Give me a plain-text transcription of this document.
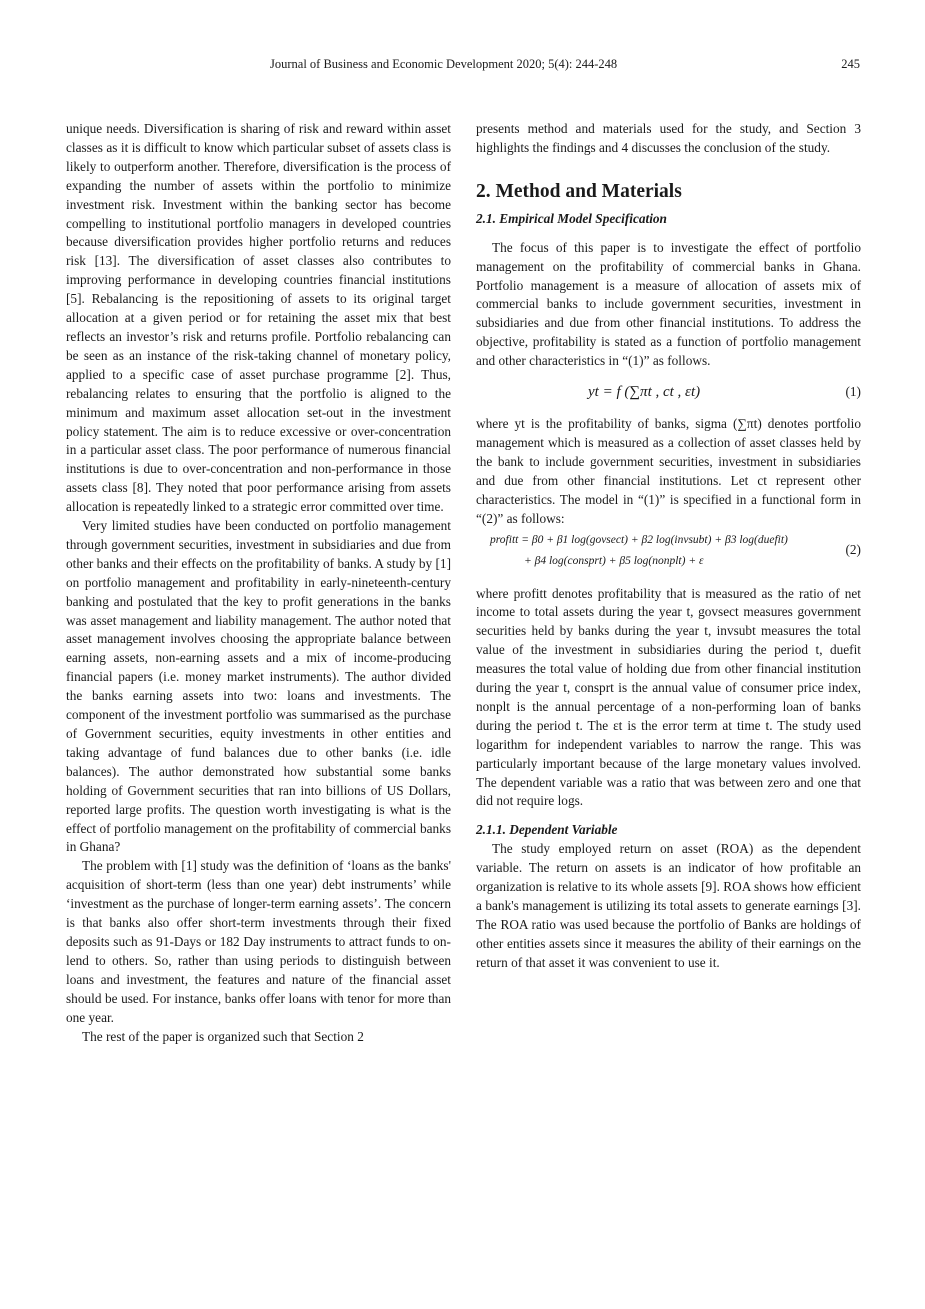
Journal of Business and Economic Development 2020; 5(4): 244-248	245

unique needs. Diversification is sharing of risk and reward within asset classes as it is difficult to know which particular subset of assets class is likely to outperform another. Therefore, diversification is the process of expanding the number of assets within the portfolio to minimize investment risk. Investment within the banking sector has become compelling to institutional portfolio managers in developed countries because diversification provides higher portfolio returns and reduces risk [13]. The diversification of asset classes also contributes to improving performance in developing countries financial institutions [5]. Rebalancing is the repositioning of assets to its original target allocation at a given period or for retaining the asset mix that best reflects an investor’s risk and returns profile. Portfolio rebalancing can be seen as an instance of the risk-taking channel of monetary policy, applied to a specific case of asset purchase programme [2]. Thus, rebalancing relates to ensuring that the portfolio is aligned to the minimum and maximum asset allocation set-out in the investment policy statement. The aim is to reduce excessive or over-concentration in a particular asset class. The poor performance of numerous financial institutions is due to over-concentration and non-performance in those assets class [8]. They noted that poor performance arising from assets allocation is repeatedly linked to a strategic error committed over time.

Very limited studies have been conducted on portfolio management through government securities, investment in subsidiaries and due from other banks and their effects on the profitability of banks. A study by [1] on portfolio management and profitability in early-nineteenth-century banking and postulated that the key to profit generations in the banks was asset management and liability management. The author noted that asset management involves choosing the appropriate balance between earning assets, non-earning assets and a mix of income-producing financial papers (i.e. money market instruments). The author divided the banks earning assets into two: loans and investments. The component of the investment portfolio was summarised as the purchase of Government securities, equity investments in other entities and taking advantage of fund balances due to other banks (i.e. idle balances). The author demonstrated how substantial some banks holding of Government securities that ran into billions of US Dollars, reported large profits. The question worth investigating is what is the effect of portfolio management on the profitability of commercial banks in Ghana?

The problem with [1] study was the definition of ‘loans as the banks' acquisition of short-term (less than one year) debt instruments’ while ‘investment as the purchase of longer-term earning assets’. The concern is that banks also offer short-term investments through their fixed deposits such as 91-Days or 182 Day instruments to attract funds to on-lend to others. So, rather than using periods to distinguish between loans and investment, the features and nature of the financial asset should be used. For instance, banks offer loans with tenor for more than one year.

The rest of the paper is organized such that Section 2

presents method and materials used for the study, and Section 3 highlights the findings and 4 discusses the conclusion of the study.

2. Method and Materials
2.1. Empirical Model Specification

The focus of this paper is to investigate the effect of portfolio management on the profitability of commercial banks in Ghana. Portfolio management is a measure of allocation of assets mix of commercial banks to include government securities, investment in subsidiaries and due from other financial institutions. To address the objective, profitability is stated as a function of portfolio management and other characteristics in “(1)” as follows.

yt = f (∑πt , ct , εt)	(1)

where yt is the profitability of banks, sigma (∑πt) denotes portfolio management which is measured as a collection of asset classes held by the bank to include government securities, investment in subsidiaries and due from other financial institutions. Let ct represent other characteristics. The model in “(1)” is specified in a functional form in “(2)” as follows:

profitt = β0 + β1 log(govsect) + β2 log(invsubt) + β3 log(duefit)
+ β4 log(consprt) + β5 log(nonplt) + ε
(2)

where profitt denotes profitability that is measured as the ratio of net income to total assets during the year t, govsect measures government securities held by banks during the year t, invsubt measures the total value of the investment in subsidiaries during the period t, duefit measures the total value of holding due from other financial institution during the year t, consprt is the annual value of consumer price index, nonplt is the annual percentage of a non-performing loan of banks during the period t. The εt is the error term at time t. The study used logarithm for independent variables to narrow the range. This was particularly important because of the large monetary values involved. The dependent variable was a ratio that was between zero and one that did not require logs.

2.1.1. Dependent Variable

The study employed return on asset (ROA) as the dependent variable. The return on assets is an indicator of how profitable an organization is relative to its whole assets [9]. ROA shows how efficient a bank's management is utilizing its total assets to generate earnings [3]. The ROA ratio was used because the portfolio of Banks are holdings of other entities assets since it measures the ability of their earnings on the return of that asset it was convenient to use it.
